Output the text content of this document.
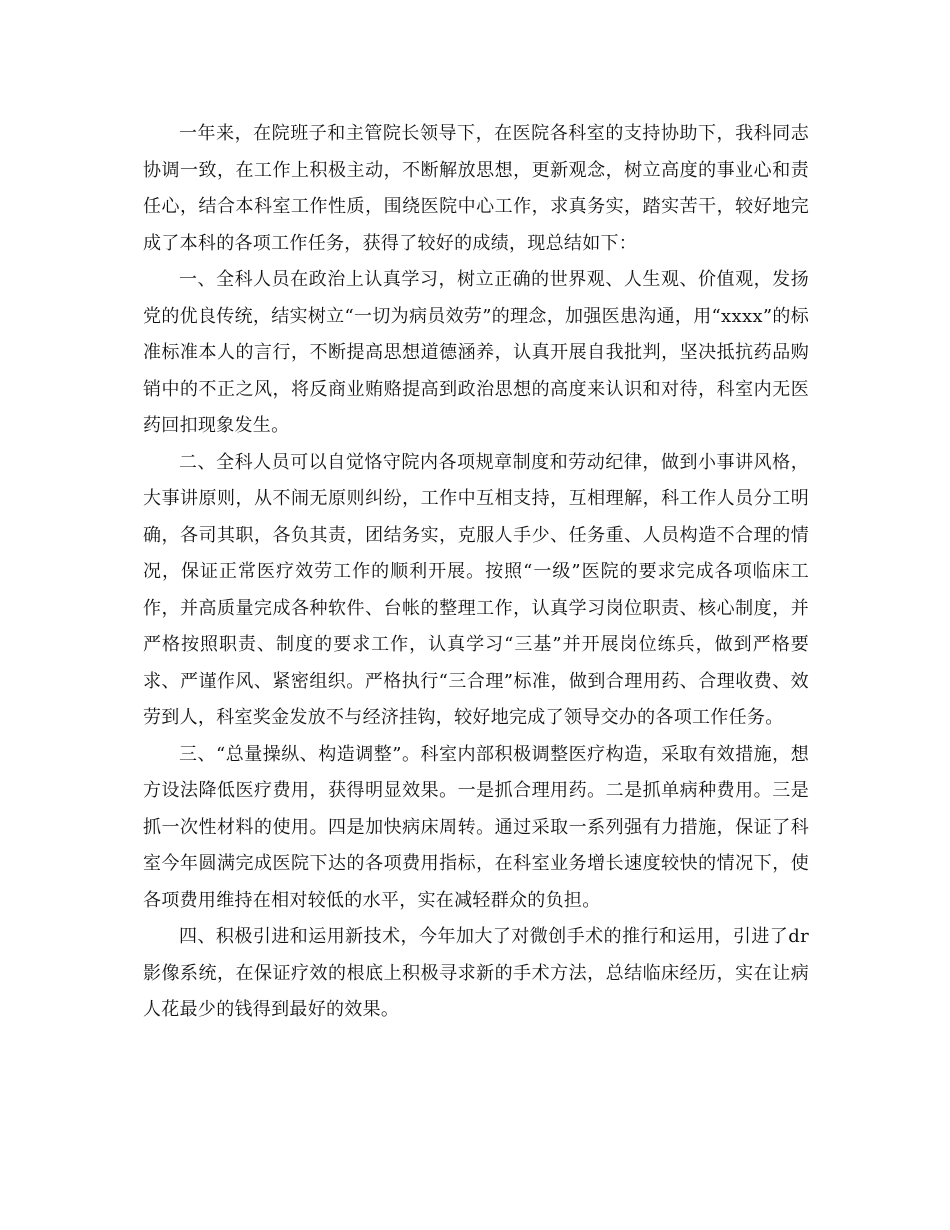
一年来，在院班子和主管院长领导下，在医院各科室的支持协助下，我科同志协调一致，在工作上积极主动，不断解放思想，更新观念，树立高度的事业心和责任心，结合本科室工作性质，围绕医院中心工作，求真务实，踏实苦干，较好地完成了本科的各项工作任务，获得了较好的成绩，现总结如下：

一、全科人员在政治上认真学习，树立正确的世界观、人生观、价值观，发扬党的优良传统，结实树立“一切为病员效劳”的理念，加强医患沟通，用“xxxx”的标准标准本人的言行，不断提高思想道德涵养，认真开展自我批判，坚决抵抗药品购销中的不正之风，将反商业贿赂提高到政治思想的高度来认识和对待，科室内无医药回扣现象发生。

二、全科人员可以自觉恪守院内各项规章制度和劳动纪律，做到小事讲风格，大事讲原则，从不闹无原则纠纷，工作中互相支持，互相理解，科工作人员分工明确，各司其职，各负其责，团结务实，克服人手少、任务重、人员构造不合理的情况，保证正常医疗效劳工作的顺利开展。按照“一级”医院的要求完成各项临床工作，并高质量完成各种软件、台帐的整理工作，认真学习岗位职责、核心制度，并严格按照职责、制度的要求工作，认真学习“三基”并开展岗位练兵，做到严格要求、严谨作风、紧密组织。严格执行“三合理”标准，做到合理用药、合理收费、效劳到人，科室奖金发放不与经济挂钩，较好地完成了领导交办的各项工作任务。

三、“总量操纵、构造调整”。科室内部积极调整医疗构造，采取有效措施，想方设法降低医疗费用，获得明显效果。一是抓合理用药。二是抓单病种费用。三是抓一次性材料的使用。四是加快病床周转。通过采取一系列强有力措施，保证了科室今年圆满完成医院下达的各项费用指标，在科室业务增长速度较快的情况下，使各项费用维持在相对较低的水平，实在减轻群众的负担。

四、积极引进和运用新技术，今年加大了对微创手术的推行和运用，引进了dr影像系统，在保证疗效的根底上积极寻求新的手术方法，总结临床经历，实在让病人花最少的钱得到最好的效果。
